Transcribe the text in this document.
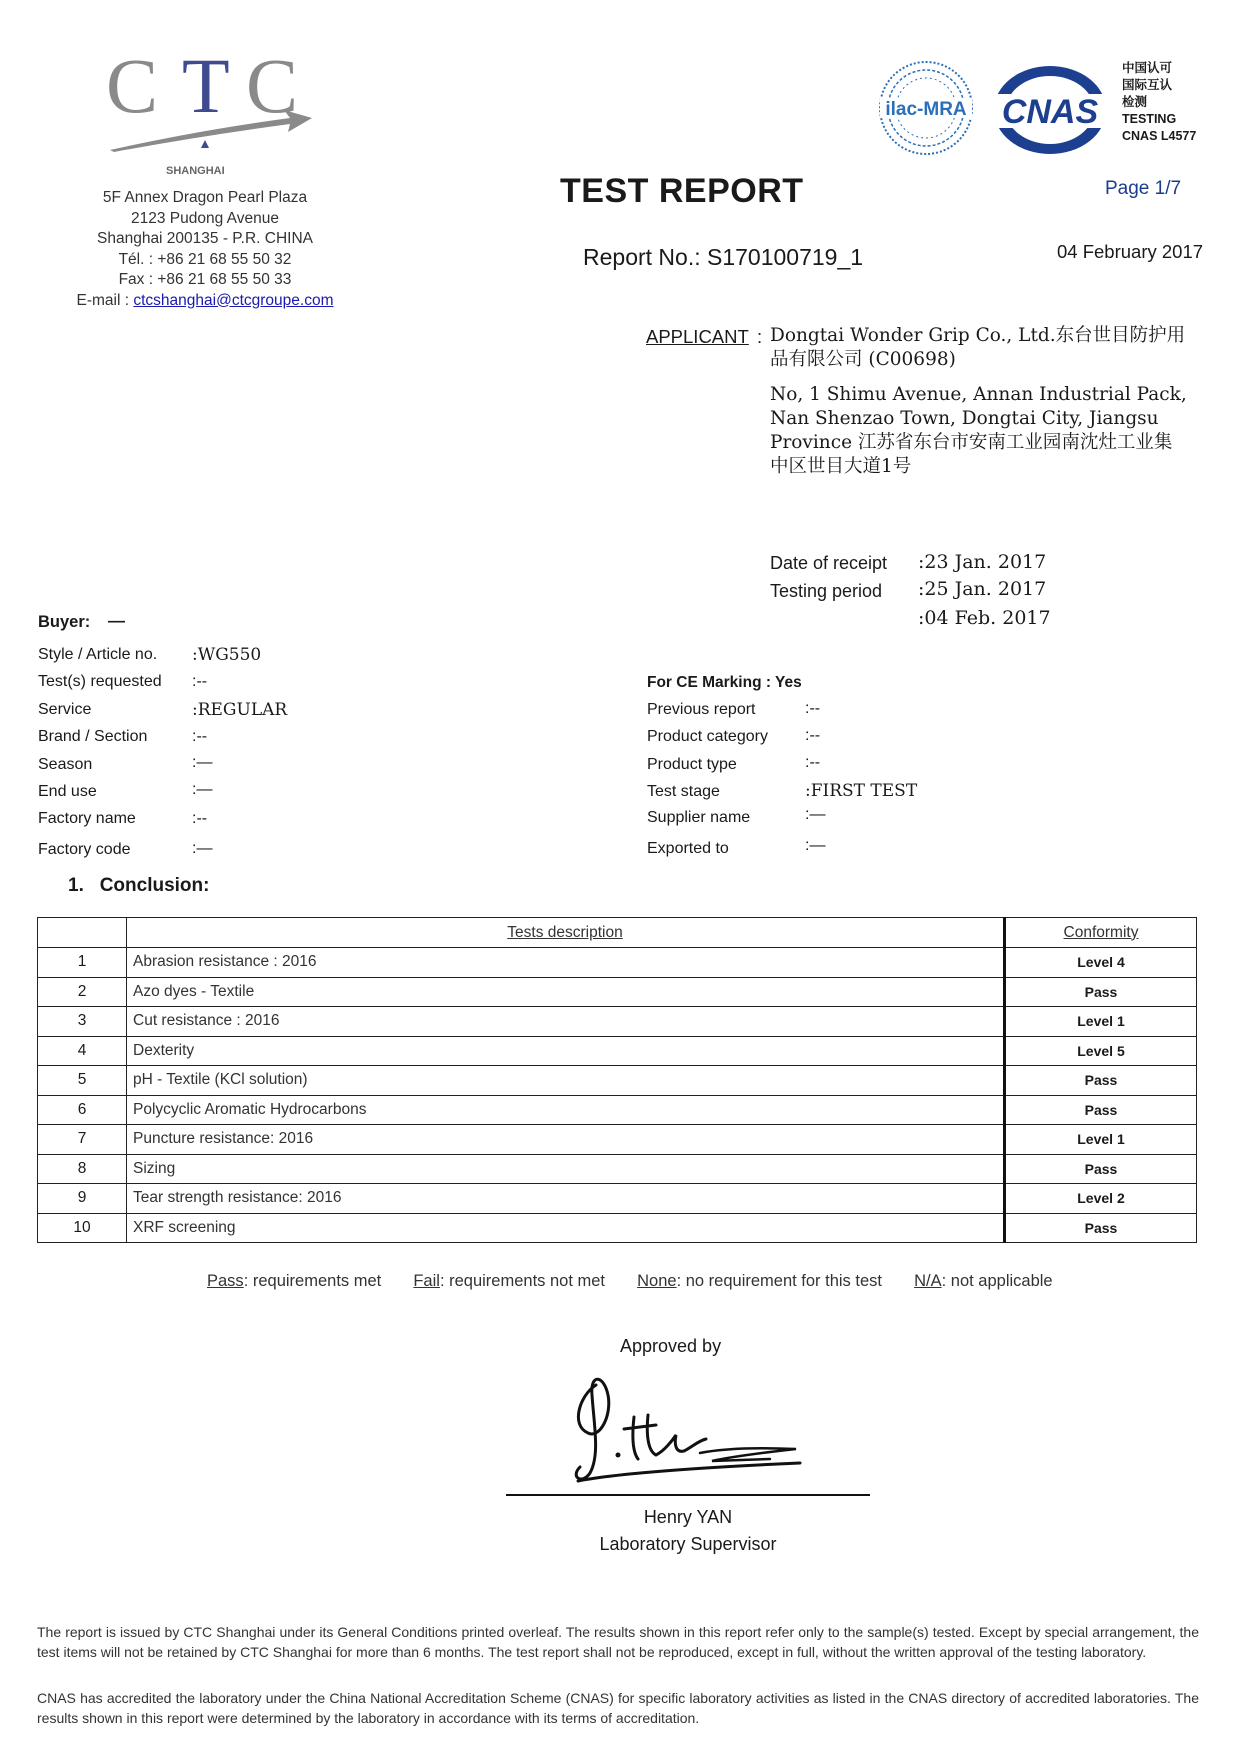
C T C
SHANGHAI
5F Annex Dragon Pearl Plaza
2123 Pudong Avenue
Shanghai 200135 - P.R. CHINA
Tél. : +86 21 68 55 50 32
Fax : +86 21 68 55 50 33
E-mail : ctcshanghai@ctcgroupe.com
ilac-MRA CNAS
中国认可
国际互认
检测
TESTING
CNAS L4577
TEST REPORT	Page 1/7
Report No.: S170100719_1	04 February 2017
APPLICANT : Dongtai Wonder Grip Co., Ltd.东台世目防护用品有限公司 (C00698)
No, 1 Shimu Avenue, Annan Industrial Pack, Nan Shenzao Town, Dongtai City, Jiangsu Province 江苏省东台市安南工业园南沈灶工业集中区世目大道1号
Date of receipt :23 Jan. 2017
Testing period :25 Jan. 2017
:04 Feb. 2017
Buyer: —
Style / Article no. :WG550
Test(s) requested :--
Service	:REGULAR
Brand / Section	:--
Season	:—
End use	:—
Factory name	:--
Factory code	:—
For CE Marking : Yes
Previous report	:--
Product category :--
Product type	:--
Test stage	:FIRST TEST
Supplier name	:—
Exported to	:—
1. Conclusion:
	Tests description	Conformity
1	Abrasion resistance : 2016	Level 4
2	Azo dyes - Textile	Pass
3	Cut resistance : 2016	Level 1
4	Dexterity	Level 5
5	pH - Textile (KCl solution)	Pass
6	Polycyclic Aromatic Hydrocarbons	Pass
7	Puncture resistance: 2016	Level 1
8	Sizing	Pass
9	Tear strength resistance: 2016	Level 2
10	XRF screening	Pass
Pass: requirements met Fail: requirements not met None: no requirement for this test N/A: not applicable
Approved by
Henry YAN
Laboratory Supervisor
The report is issued by CTC Shanghai under its General Conditions printed overleaf. The results shown in this report refer only to the sample(s) tested. Except by special arrangement, the test items will not be retained by CTC Shanghai for more than 6 months. The test report shall not be reproduced, except in full, without the written approval of the testing laboratory.
CNAS has accredited the laboratory under the China National Accreditation Scheme (CNAS) for specific laboratory activities as listed in the CNAS directory of accredited laboratories. The results shown in this report were determined by the laboratory in accordance with its terms of accreditation.
